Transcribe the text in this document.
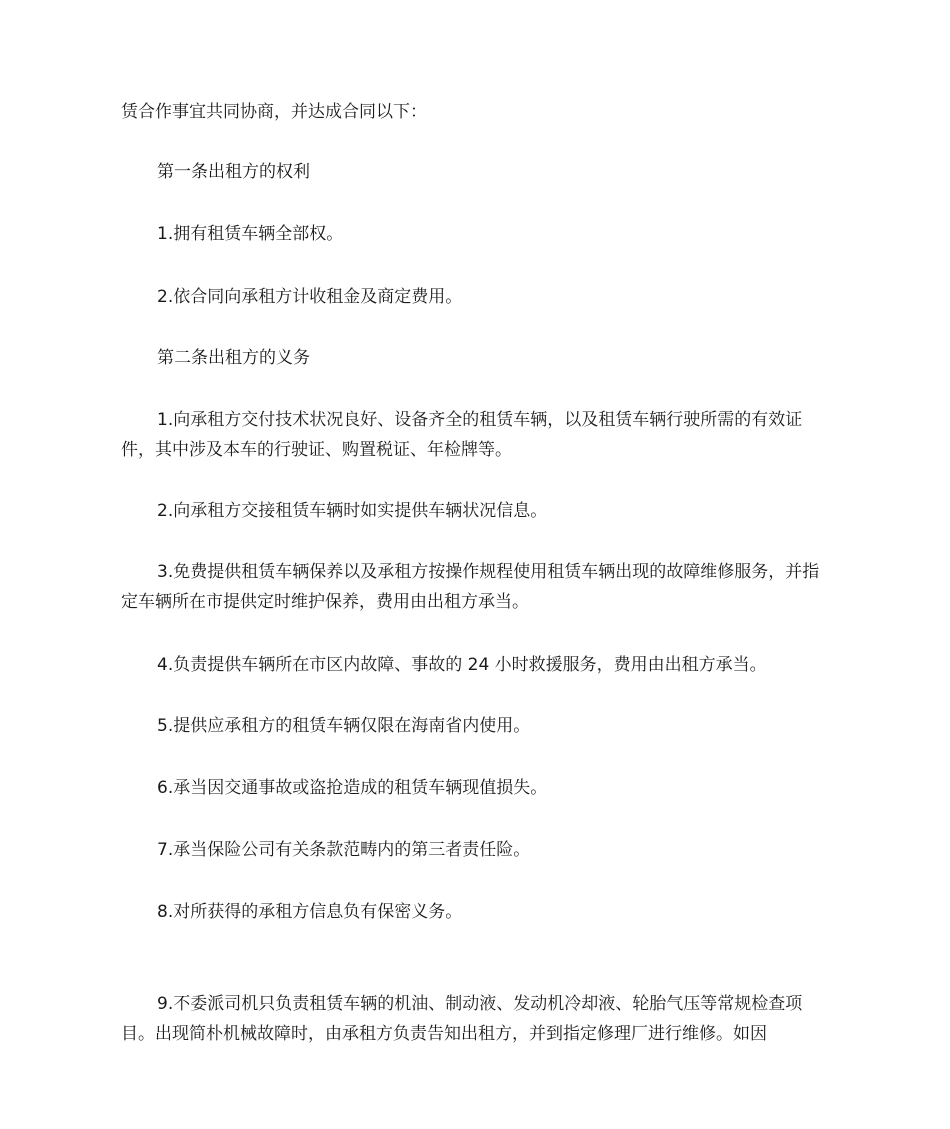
赁合作事宜共同协商，并达成合同以下：

第一条出租方的权利

1.拥有租赁车辆全部权。

2.依合同向承租方计收租金及商定费用。

第二条出租方的义务

1.向承租方交付技术状况良好、设备齐全的租赁车辆，以及租赁车辆行驶所需的有效证件，其中涉及本车的行驶证、购置税证、年检牌等。

2.向承租方交接租赁车辆时如实提供车辆状况信息。

3.免费提供租赁车辆保养以及承租方按操作规程使用租赁车辆出现的故障维修服务，并指定车辆所在市提供定时维护保养，费用由出租方承当。

4.负责提供车辆所在市区内故障、事故的 24 小时救援服务，费用由出租方承当。

5.提供应承租方的租赁车辆仅限在海南省内使用。

6.承当因交通事故或盗抢造成的租赁车辆现值损失。

7.承当保险公司有关条款范畴内的第三者责任险。

8.对所获得的承租方信息负有保密义务。

9.不委派司机只负责租赁车辆的机油、制动液、发动机冷却液、轮胎气压等常规检查项目。出现简朴机械故障时，由承租方负责告知出租方，并到指定修理厂进行维修。如因
